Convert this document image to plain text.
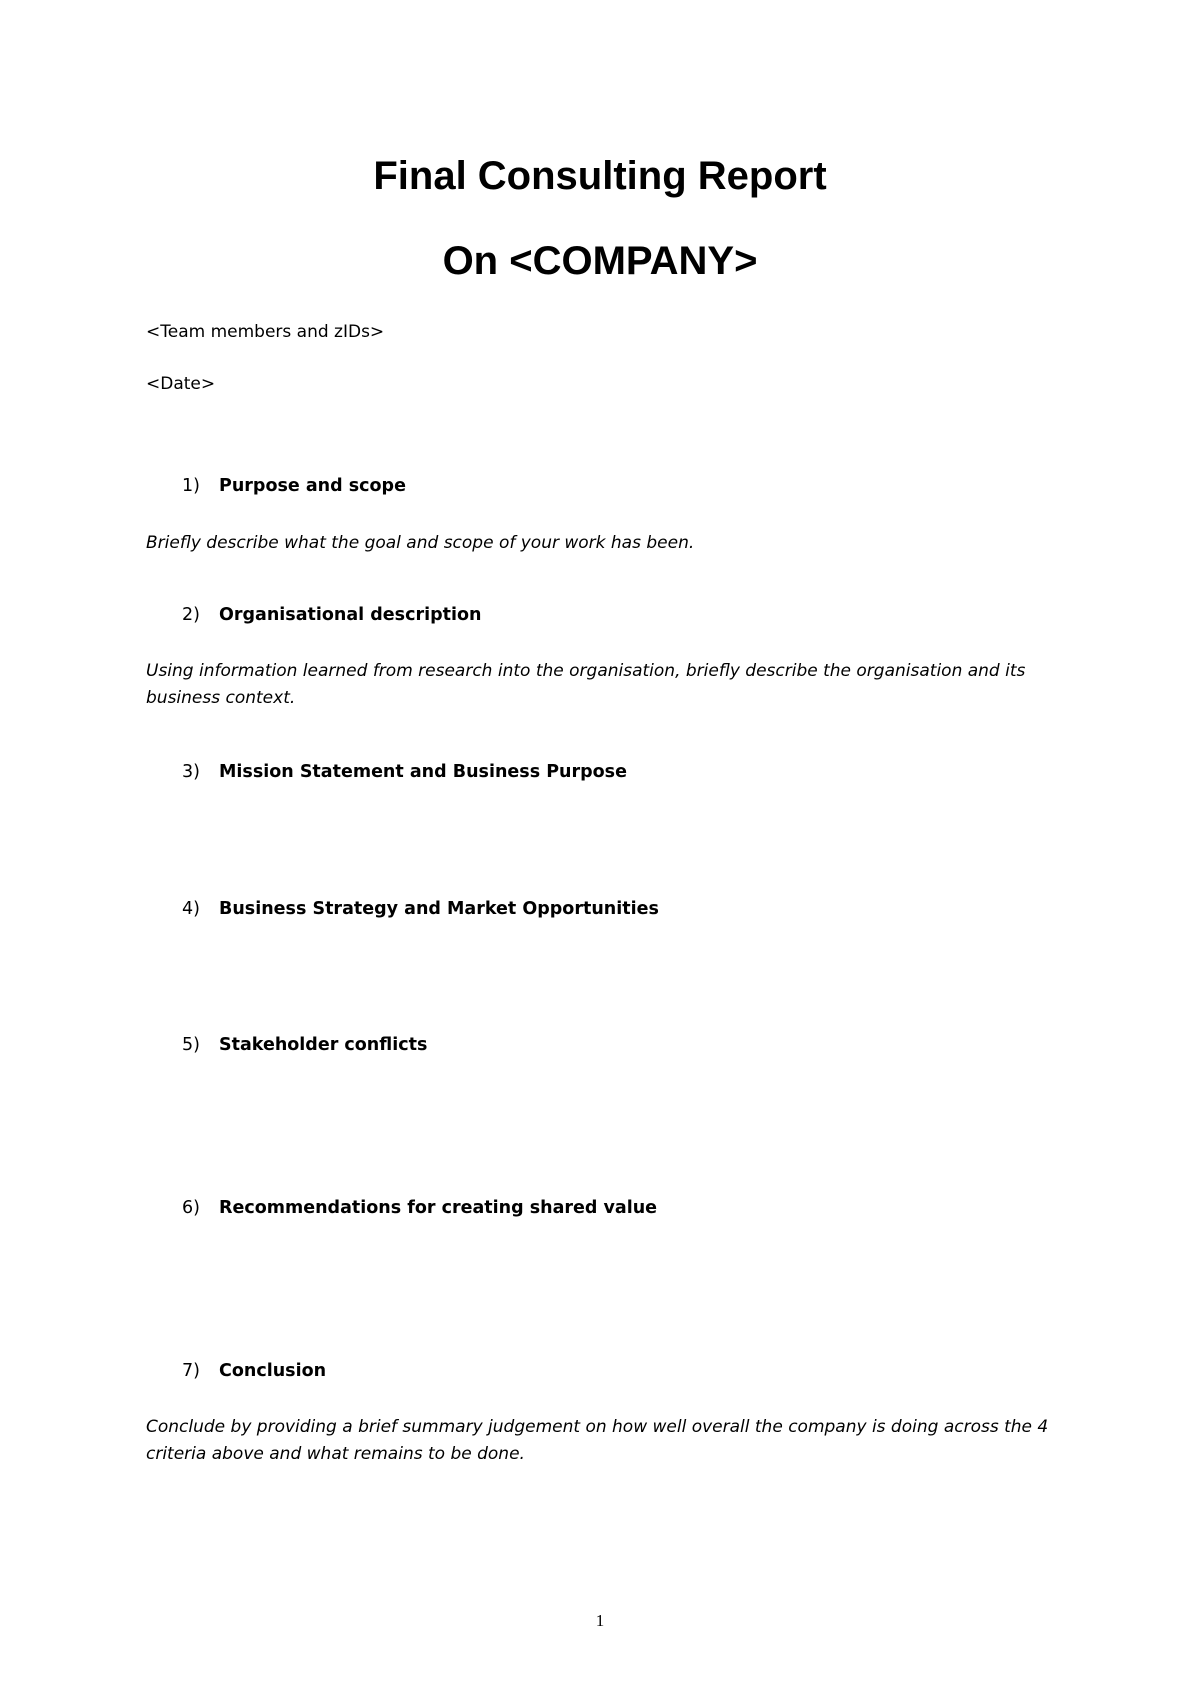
Final Consulting Report
On <COMPANY>
<Team members and zIDs>
<Date>
1) Purpose and scope
Briefly describe what the goal and scope of your work has been.
2) Organisational description
Using information learned from research into the organisation, briefly describe the organisation and its business context.
3) Mission Statement and Business Purpose
4) Business Strategy and Market Opportunities
5) Stakeholder conflicts
6) Recommendations for creating shared value
7) Conclusion
Conclude by providing a brief summary judgement on how well overall the company is doing across the 4 criteria above and what remains to be done.
1
